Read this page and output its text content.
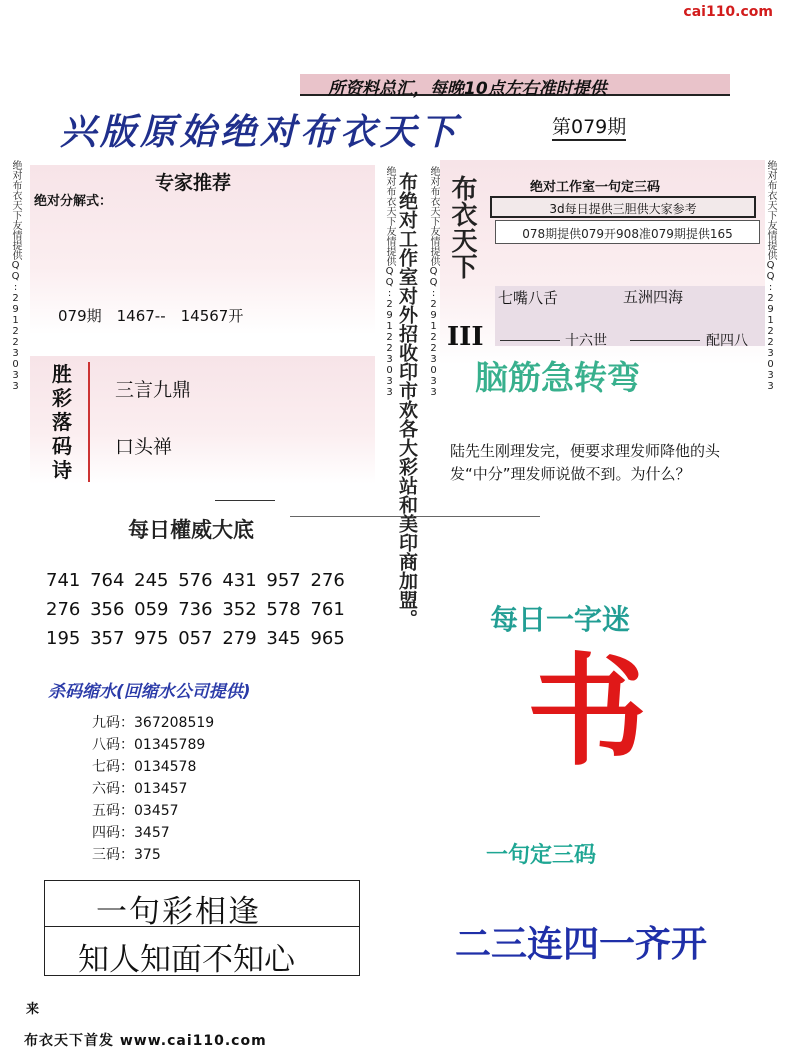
cai110.com
所资料总汇，每晚10点左右准时提供
兴版原始绝对布衣天下	第079期
绝对布衣天下友情提供QQ:291223033	绝对布衣天下友情提供QQ:291223033
专家推荐
绝对分解式：
079期　1467--　14567开
胜彩落码诗
三言九鼎
口头禅
每日權威大底
741 764 245 576 431 957 276
276 356 059 736 352 578 761
195 357 975 057 279 345 965
杀码缩水(回缩水公司提供)
九码：367208519
八码：01345789
七码：0134578
六码：013457
五码：03457
四码：3457
三码：375
一句彩相逢
知人知面不知心
来
布衣天下首发 www.cai110.com
绝对布衣天下友情提供QQ:291223033	绝对布衣天下友情提供QQ:291223033
布绝对工作室对外招收印市欢各大彩站和美印商加盟。 布衣天下
III
绝对工作室一句定三码
3d每日提供三胆供大家参考
078期提供079开908准079期提供165
七嘴八舌	五洲四海
十六世	配四八
脑筋急转弯
陆先生刚理发完，便要求理发师降他的头发“中分”理发师说做不到。为什么？
每日一字迷
书
一句定三码
二三连四一齐开
